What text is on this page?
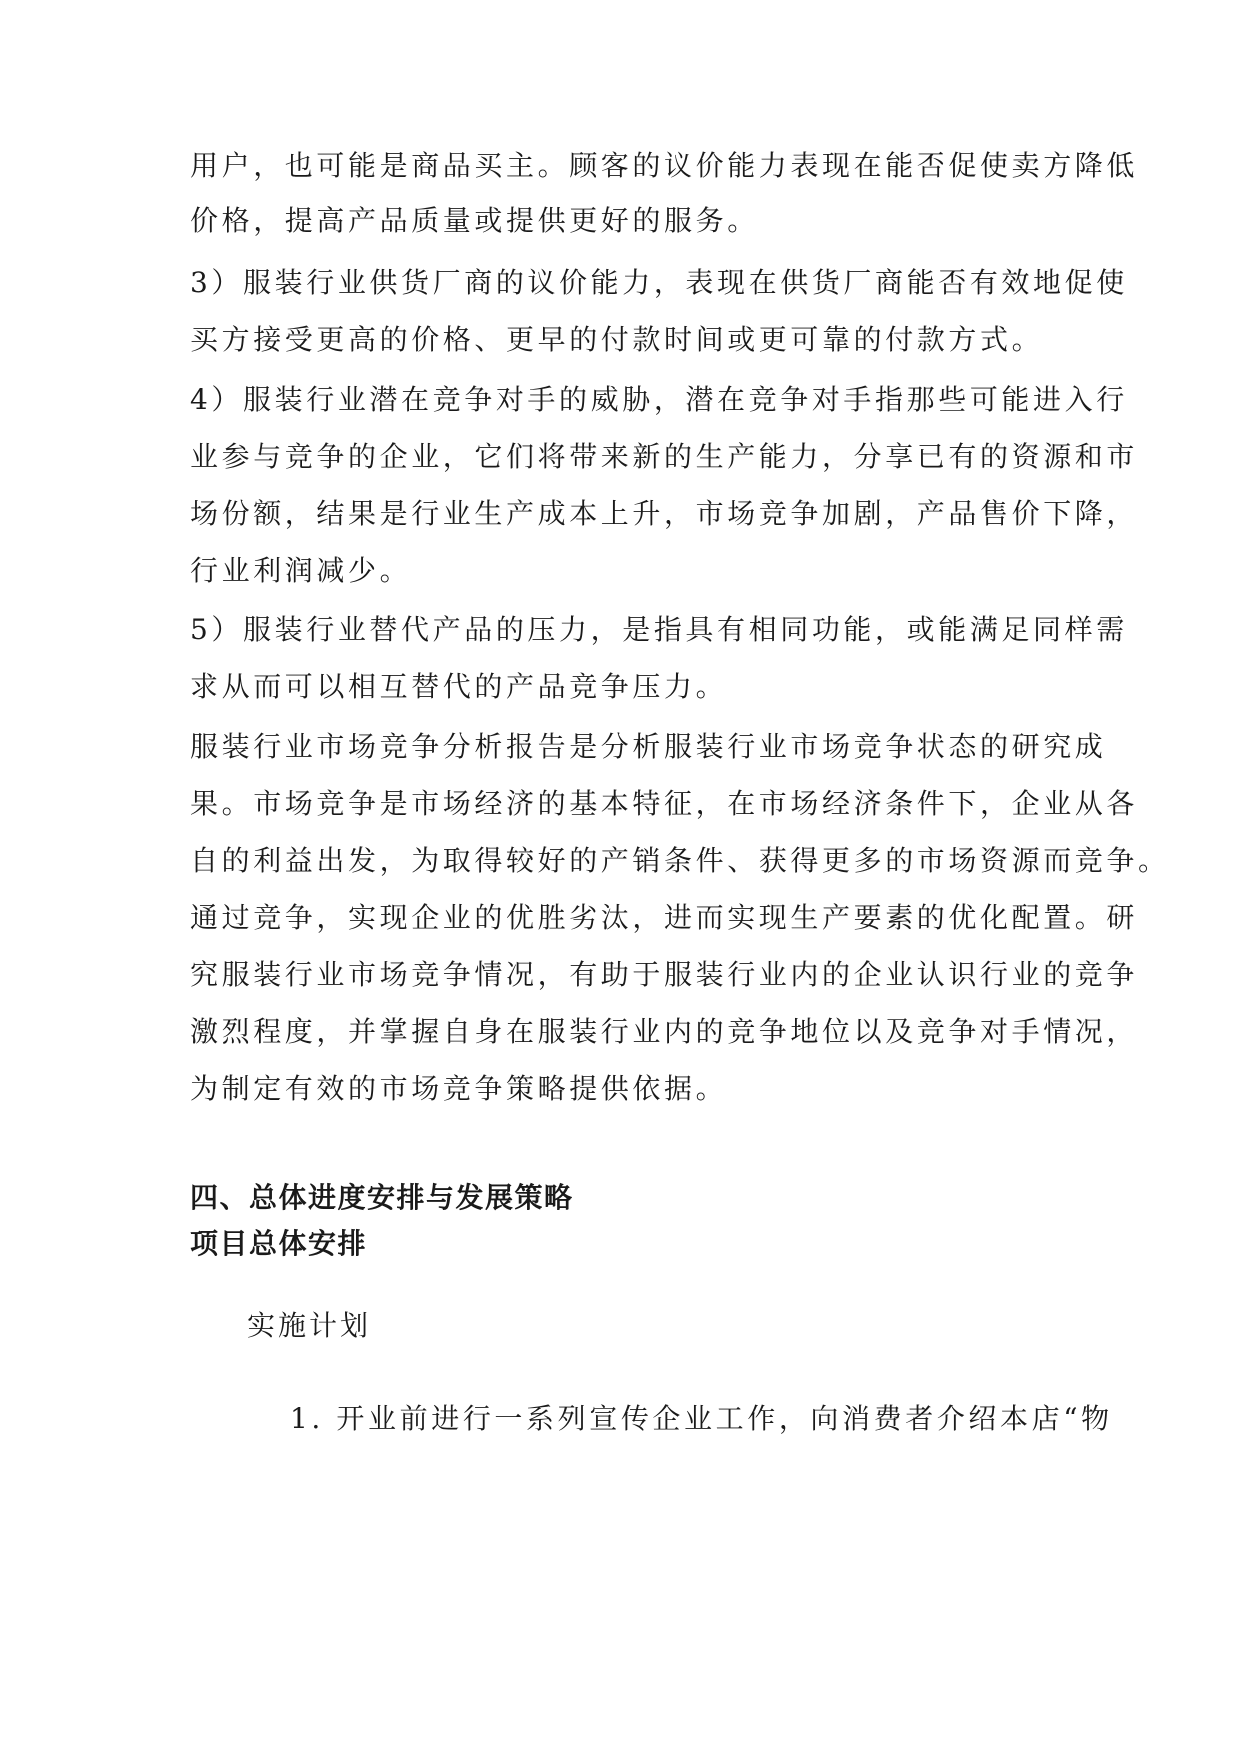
用户，也可能是商品买主。顾客的议价能力表现在能否促使卖方降低
价格，提高产品质量或提供更好的服务。
3）服装行业供货厂商的议价能力，表现在供货厂商能否有效地促使
买方接受更高的价格、更早的付款时间或更可靠的付款方式。
4）服装行业潜在竞争对手的威胁，潜在竞争对手指那些可能进入行
业参与竞争的企业，它们将带来新的生产能力，分享已有的资源和市
场份额，结果是行业生产成本上升，市场竞争加剧，产品售价下降，
行业利润减少。
5）服装行业替代产品的压力，是指具有相同功能，或能满足同样需
求从而可以相互替代的产品竞争压力。
服装行业市场竞争分析报告是分析服装行业市场竞争状态的研究成
果。市场竞争是市场经济的基本特征，在市场经济条件下，企业从各
自的利益出发，为取得较好的产销条件、获得更多的市场资源而竞争。
通过竞争，实现企业的优胜劣汰，进而实现生产要素的优化配置。研
究服装行业市场竞争情况，有助于服装行业内的企业认识行业的竞争
激烈程度，并掌握自身在服装行业内的竞争地位以及竞争对手情况，
为制定有效的市场竞争策略提供依据。
四、总体进度安排与发展策略
项目总体安排
实施计划
1. 开业前进行一系列宣传企业工作，向消费者介绍本店“物
